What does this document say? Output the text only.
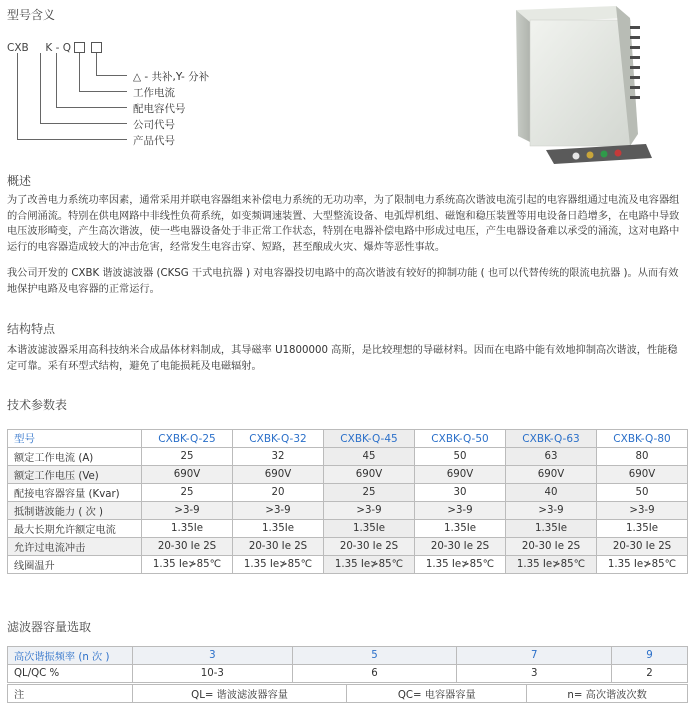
型号含义
CXB K - Q
△ - 共补,Y- 分补
工作电流
配电容代号
公司代号
产品代号
概述

为了改善电力系统功率因素，通常采用并联电容器组来补偿电力系统的无功功率，为了限制电力系统高次谐波电流引起的电容器组通过电流及电容器组的合闸涌流。特别在供电网路中非线性负荷系统，如变频调速装置、大型整流设备、电弧焊机组、磁饱和稳压装置等用电设备日趋增多，在电路中导致电压波形畸变，产生高次谐波，使一些电器设备处于非正常工作状态，特别在电器补偿电路中形成过电压，产生电器设备难以承受的涌流，这对电路中运行的电容器造成较大的冲击危害，经常发生电容击穿、短路，甚至酿成火灾、爆炸等恶性事故。

我公司开发的 CXBK 谐波滤波器 (CKSG 干式电抗器 ) 对电容器投切电路中的高次谐波有较好的抑制功能 ( 也可以代替传统的限流电抗器 )。从而有效地保护电路及电容器的正常运行。

结构特点

本谐波滤波器采用高科技纳米合成晶体材料制成，其导磁率 U1800000 高斯，是比较理想的导磁材料。因而在电路中能有效地抑制高次谐波，性能稳定可靠。采有环型式结构，避免了电能损耗及电磁辐射。

技术参数表
型号	CXBK-Q-25	CXBK-Q-32	CXBK-Q-45	CXBK-Q-50	CXBK-Q-63	CXBK-Q-80
额定工作电流 (A)	25	32	45	50	63	80
额定工作电压 (Ve)	690V	690V	690V	690V	690V	690V
配接电容器容量 (Kvar)	25	20	25	30	40	50
抵制谐波能力 ( 次 )	>3-9	>3-9	>3-9	>3-9	>3-9	>3-9
最大长期允许额定电流	1.35Ie	1.35Ie	1.35Ie	1.35Ie	1.35Ie	1.35Ie
允许过电流冲击	20-30 Ie 2S	20-30 Ie 2S	20-30 Ie 2S	20-30 Ie 2S	20-30 Ie 2S	20-30 Ie 2S
线圈温升	1.35 Ie≯85℃	1.35 Ie≯85℃	1.35 Ie≯85℃	1.35 Ie≯85℃	1.35 Ie≯85℃	1.35 Ie≯85℃
滤波器容量选取
高次谐振频率 (n 次 )	3	5	7	9
QL/QC %	10-3	6	3	2
注	QL= 谐波滤波器容量	QC= 电容器容量	n= 高次谐波次数
